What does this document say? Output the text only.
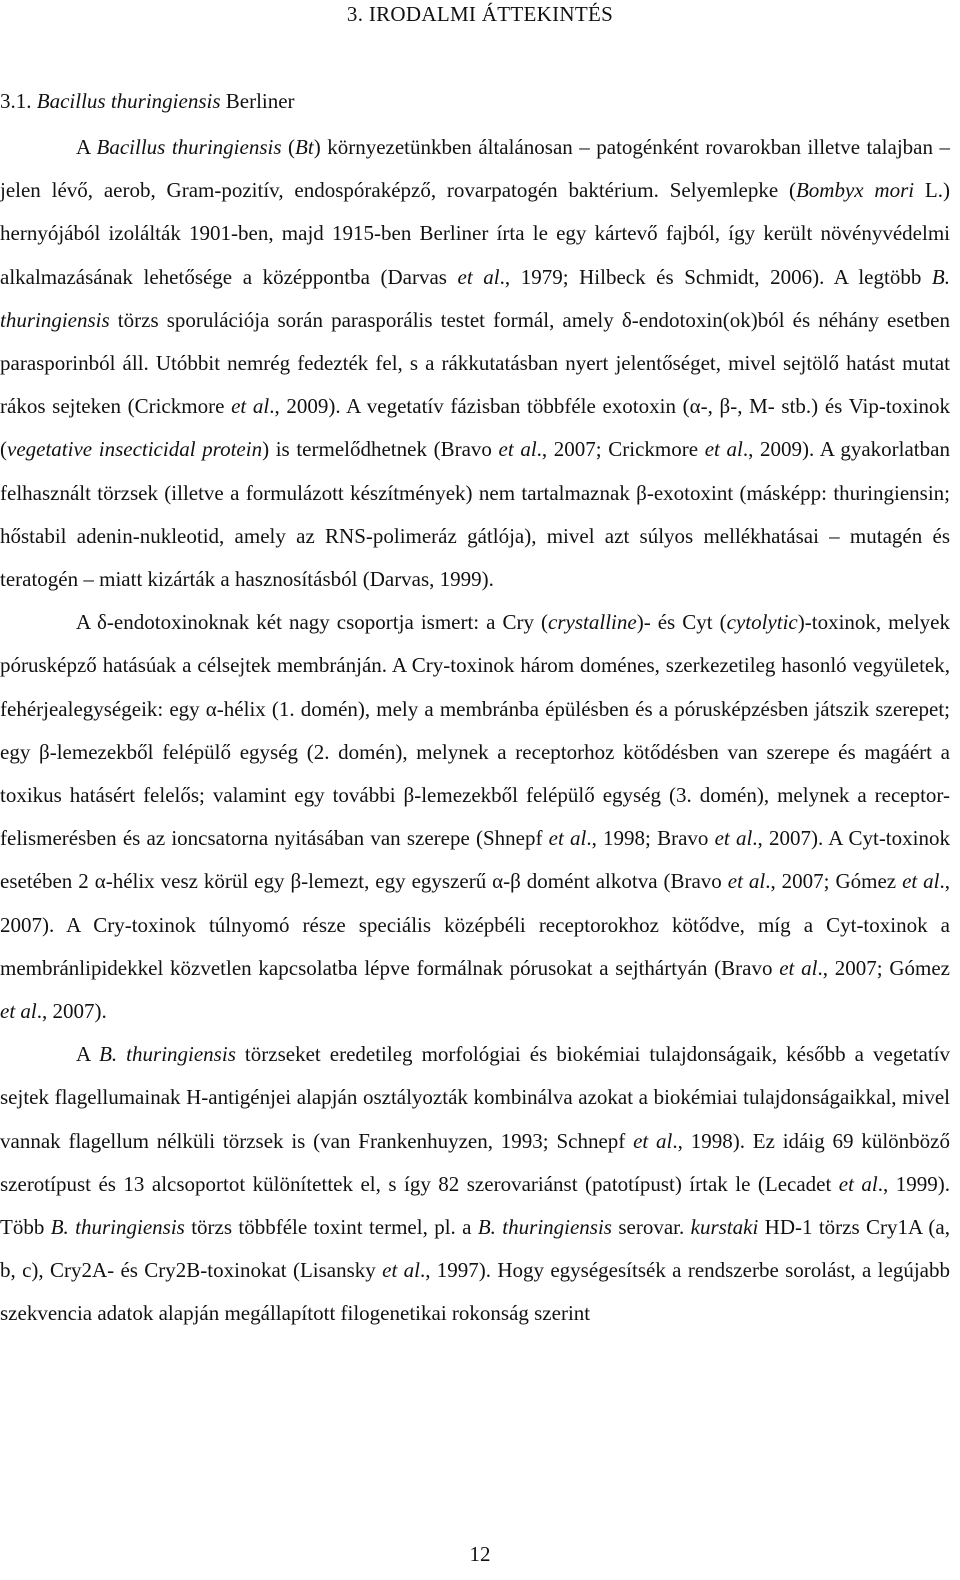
3. IRODALMI ÁTTEKINTÉS
3.1. Bacillus thuringiensis Berliner

A Bacillus thuringiensis (Bt) környezetünkben általánosan – patogénként rovarokban illetve talajban – jelen lévő, aerob, Gram-pozitív, endospóraképző, rovarpatogén baktérium. Selyemlepke (Bombyx mori L.) hernyójából izolálták 1901-ben, majd 1915-ben Berliner írta le egy kártevő fajból, így került növényvédelmi alkalmazásának lehetősége a középpontba (Darvas et al., 1979; Hilbeck és Schmidt, 2006). A legtöbb B. thuringiensis törzs sporulációja során parasporális testet formál, amely δ-endotoxin(ok)ból és néhány esetben parasporinból áll. Utóbbit nemrég fedezték fel, s a rákkutatásban nyert jelentőséget, mivel sejtölő hatást mutat rákos sejteken (Crickmore et al., 2009). A vegetatív fázisban többféle exotoxin (α-, β-, M- stb.) és Vip-toxinok (vegetative insecticidal protein) is termelődhetnek (Bravo et al., 2007; Crickmore et al., 2009). A gyakorlatban felhasznált törzsek (illetve a formulázott készítmények) nem tartalmaznak β-exotoxint (másképp: thuringiensin; hőstabil adenin-nukleotid, amely az RNS-polimeráz gátlója), mivel azt súlyos mellékhatásai – mutagén és teratogén – miatt kizárták a hasznosításból (Darvas, 1999).

A δ-endotoxinoknak két nagy csoportja ismert: a Cry (crystalline)- és Cyt (cytolytic)-toxinok, melyek pórusképző hatásúak a célsejtek membránján. A Cry-toxinok három doménes, szerkezetileg hasonló vegyületek, fehérjealegységeik: egy α-hélix (1. domén), mely a membránba épülésben és a pórusképzésben játszik szerepet; egy β-lemezekből felépülő egység (2. domén), melynek a receptorhoz kötődésben van szerepe és magáért a toxikus hatásért felelős; valamint egy további β-lemezekből felépülő egység (3. domén), melynek a receptor-felismerésben és az ioncsatorna nyitásában van szerepe (Shnepf et al., 1998; Bravo et al., 2007). A Cyt-toxinok esetében 2 α-hélix vesz körül egy β-lemezt, egy egyszerű α-β domént alkotva (Bravo et al., 2007; Gómez et al., 2007). A Cry-toxinok túlnyomó része speciális középbéli receptorokhoz kötődve, míg a Cyt-toxinok a membránlipidekkel közvetlen kapcsolatba lépve formálnak pórusokat a sejthártyán (Bravo et al., 2007; Gómez et al., 2007).

A B. thuringiensis törzseket eredetileg morfológiai és biokémiai tulajdonságaik, később a vegetatív sejtek flagellumainak H-antigénjei alapján osztályozták kombinálva azokat a biokémiai tulajdonságaikkal, mivel vannak flagellum nélküli törzsek is (van Frankenhuyzen, 1993; Schnepf et al., 1998). Ez idáig 69 különböző szerotípust és 13 alcsoportot különítettek el, s így 82 szerovariánst (patotípust) írtak le (Lecadet et al., 1999). Több B. thuringiensis törzs többféle toxint termel, pl. a B. thuringiensis serovar. kurstaki HD-1 törzs Cry1A (a, b, c), Cry2A- és Cry2B-toxinokat (Lisansky et al., 1997). Hogy egységesítsék a rendszerbe sorolást, a legújabb szekvencia adatok alapján megállapított filogenetikai rokonság szerint

12
